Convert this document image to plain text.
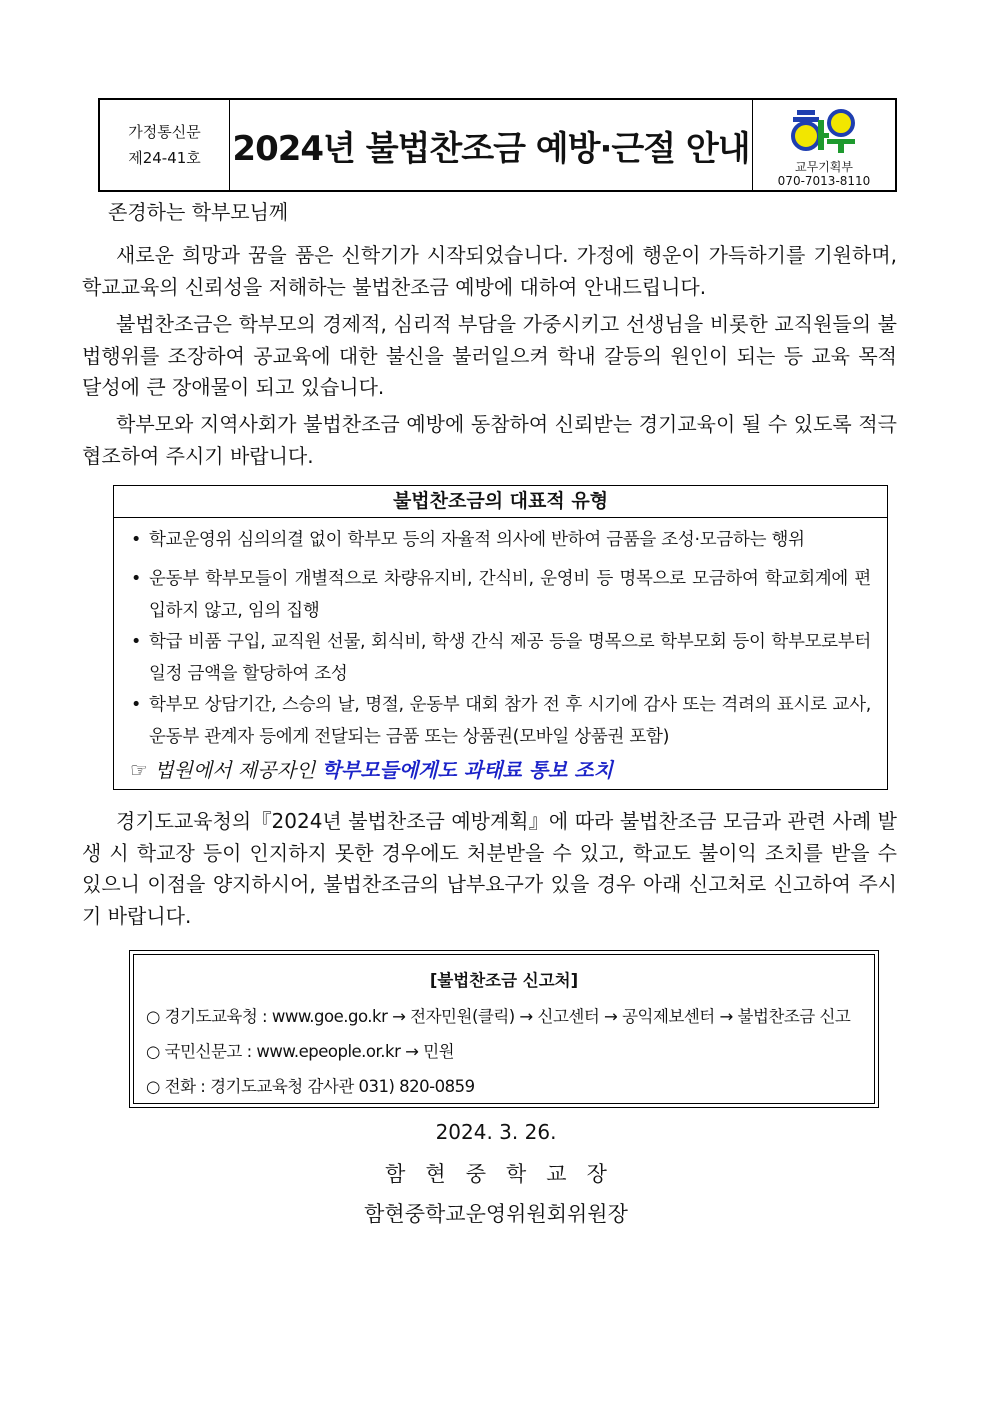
가정통신문
제24-41호 2024년 불법찬조금 예방·근절 안내	교무기획부
070-7013-8110
존경하는 학부모님께

새로운 희망과 꿈을 품은 신학기가 시작되었습니다. 가정에 행운이 가득하기를 기원하며, 학교교육의 신뢰성을 저해하는 불법찬조금 예방에 대하여 안내드립니다.

불법찬조금은 학부모의 경제적, 심리적 부담을 가중시키고 선생님을 비롯한 교직원들의 불법행위를 조장하여 공교육에 대한 불신을 불러일으켜 학내 갈등의 원인이 되는 등 교육 목적 달성에 큰 장애물이 되고 있습니다.

학부모와 지역사회가 불법찬조금 예방에 동참하여 신뢰받는 경기교육이 될 수 있도록 적극 협조하여 주시기 바랍니다.

불법찬조금의 대표적 유형
• 학교운영위 심의의결 없이 학부모 등의 자율적 의사에 반하여 금품을 조성·모금하는 행위
• 운동부 학부모들이 개별적으로 차량유지비, 간식비, 운영비 등 명목으로 모금하여 학교회계에 편입하지 않고, 임의 집행
• 학급 비품 구입, 교직원 선물, 회식비, 학생 간식 제공 등을 명목으로 학부모회 등이 학부모로부터 일정 금액을 할당하여 조성
• 학부모 상담기간, 스승의 날, 명절, 운동부 대회 참가 전 후 시기에 감사 또는 격려의 표시로 교사, 운동부 관계자 등에게 전달되는 금품 또는 상품권(모바일 상품권 포함)
☞ 법원에서 제공자인 학부모들에게도 과태료 통보 조치

경기도교육청의『2024년 불법찬조금 예방계획』에 따라 불법찬조금 모금과 관련 사례 발생 시 학교장 등이 인지하지 못한 경우에도 처분받을 수 있고, 학교도 불이익 조치를 받을 수 있으니 이점을 양지하시어, 불법찬조금의 납부요구가 있을 경우 아래 신고처로 신고하여 주시기 바랍니다.

[불법찬조금 신고처]
○ 경기도교육청 : www.goe.go.kr → 전자민원(클릭) → 신고센터 → 공익제보센터 → 불법찬조금 신고
○ 국민신문고 : www.epeople.or.kr → 민원
○ 전화 : 경기도교육청 감사관 031) 820-0859
2024. 3. 26.
함현중학교장
함현중학교운영위원회위원장
